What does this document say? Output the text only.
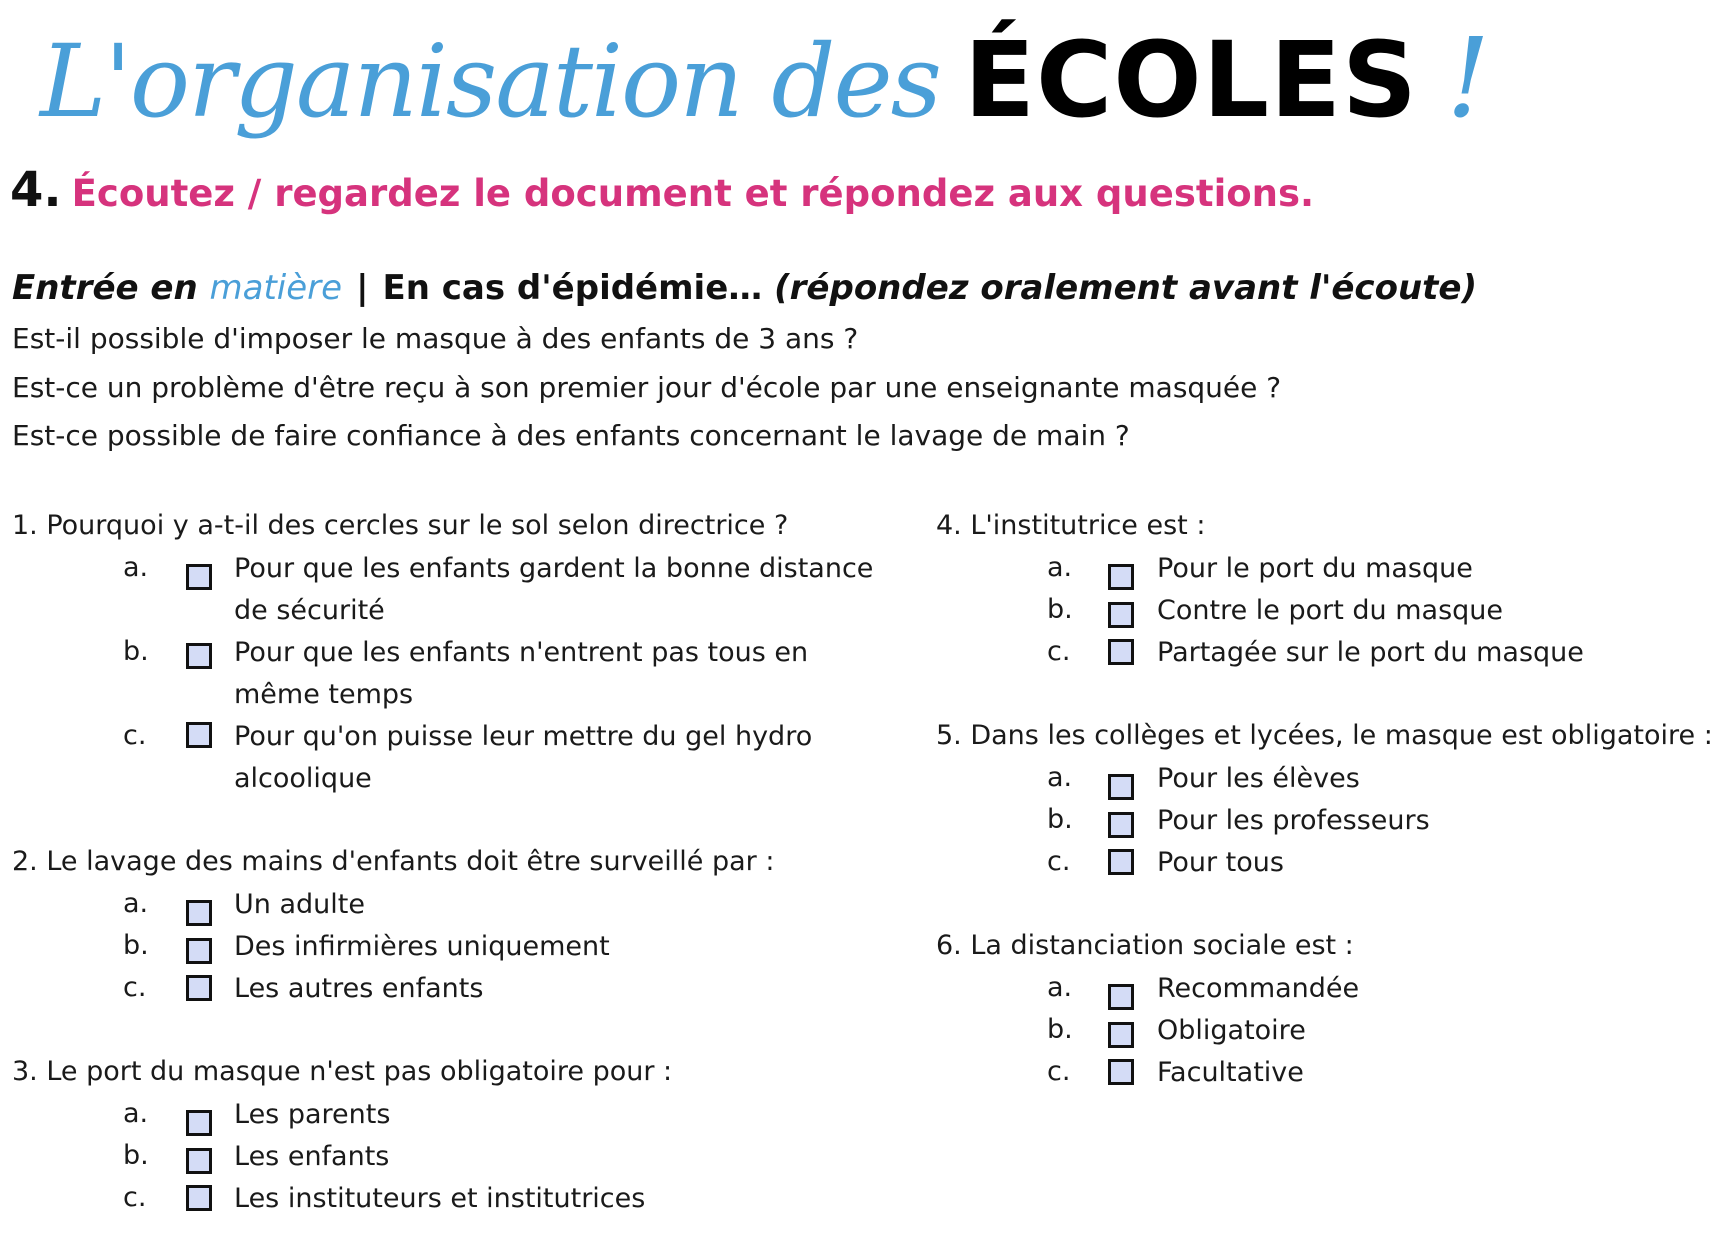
L'organisation des ÉCOLES !
4. Écoutez / regardez le document et répondez aux questions.
Entrée en matière | En cas d'épidémie… (répondez oralement avant l'écoute)
Est-il possible d'imposer le masque à des enfants de 3 ans ?
Est-ce un problème d'être reçu à son premier jour d'école par une enseignante masquée ?
Est-ce possible de faire confiance à des enfants concernant le lavage de main ?
1. Pourquoi y a-t-il des cercles sur le sol selon directrice ?
a.	Pour que les enfants gardent la bonne distance de sécurité
b.	Pour que les enfants n'entrent pas tous en même temps
c.	Pour qu'on puisse leur mettre du gel hydro alcoolique
2. Le lavage des mains d'enfants doit être surveillé par :
a.	Un adulte
b.	Des infirmières uniquement
c.	Les autres enfants
3. Le port du masque n'est pas obligatoire pour :
a.	Les parents
b.	Les enfants
c.	Les instituteurs et institutrices
4. L'institutrice est :
a.	Pour le port du masque
b.	Contre le port du masque
c.	Partagée sur le port du masque
5. Dans les collèges et lycées, le masque est obligatoire :
a.	Pour les élèves
b.	Pour les professeurs
c.	Pour tous
6. La distanciation sociale est :
a.	Recommandée
b.	Obligatoire
c.	Facultative
